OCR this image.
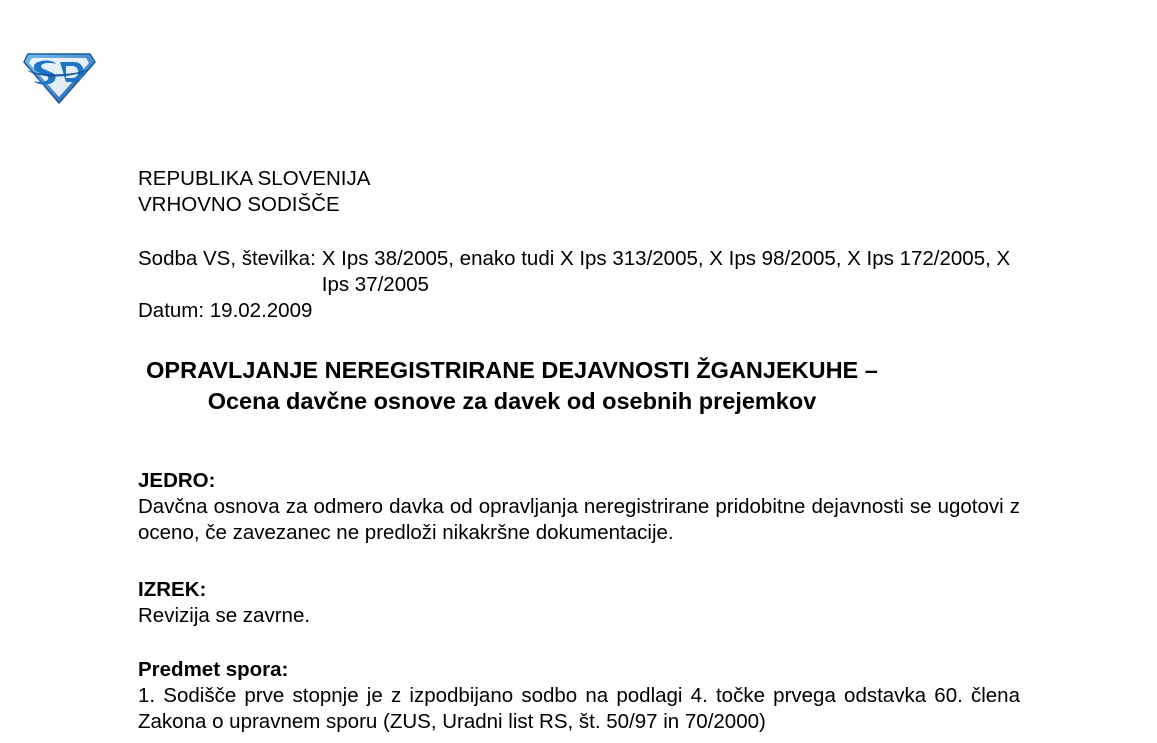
REPUBLIKA SLOVENIJA
VRHOVNO SODIŠČE
Sodba VS, številka: X Ips 38/2005, enako tudi X Ips 313/2005, X Ips 98/2005, X Ips 172/2005, X Ips 37/2005
Datum: 19.02.2009
OPRAVLJANJE NEREGISTRIRANE DEJAVNOSTI ŽGANJEKUHE –
Ocena davčne osnove za davek od osebnih prejemkov
JEDRO:
Davčna osnova za odmero davka od opravljanja neregistrirane pridobitne dejavnosti se ugotovi z oceno, če zavezanec ne predloži nikakršne dokumentacije.
IZREK:
Revizija se zavrne.
Predmet spora:
1. Sodišče prve stopnje je z izpodbijano sodbo na podlagi 4. točke prvega odstavka 60. člena Zakona o upravnem sporu (ZUS, Uradni list RS, št. 50/97 in 70/2000)
